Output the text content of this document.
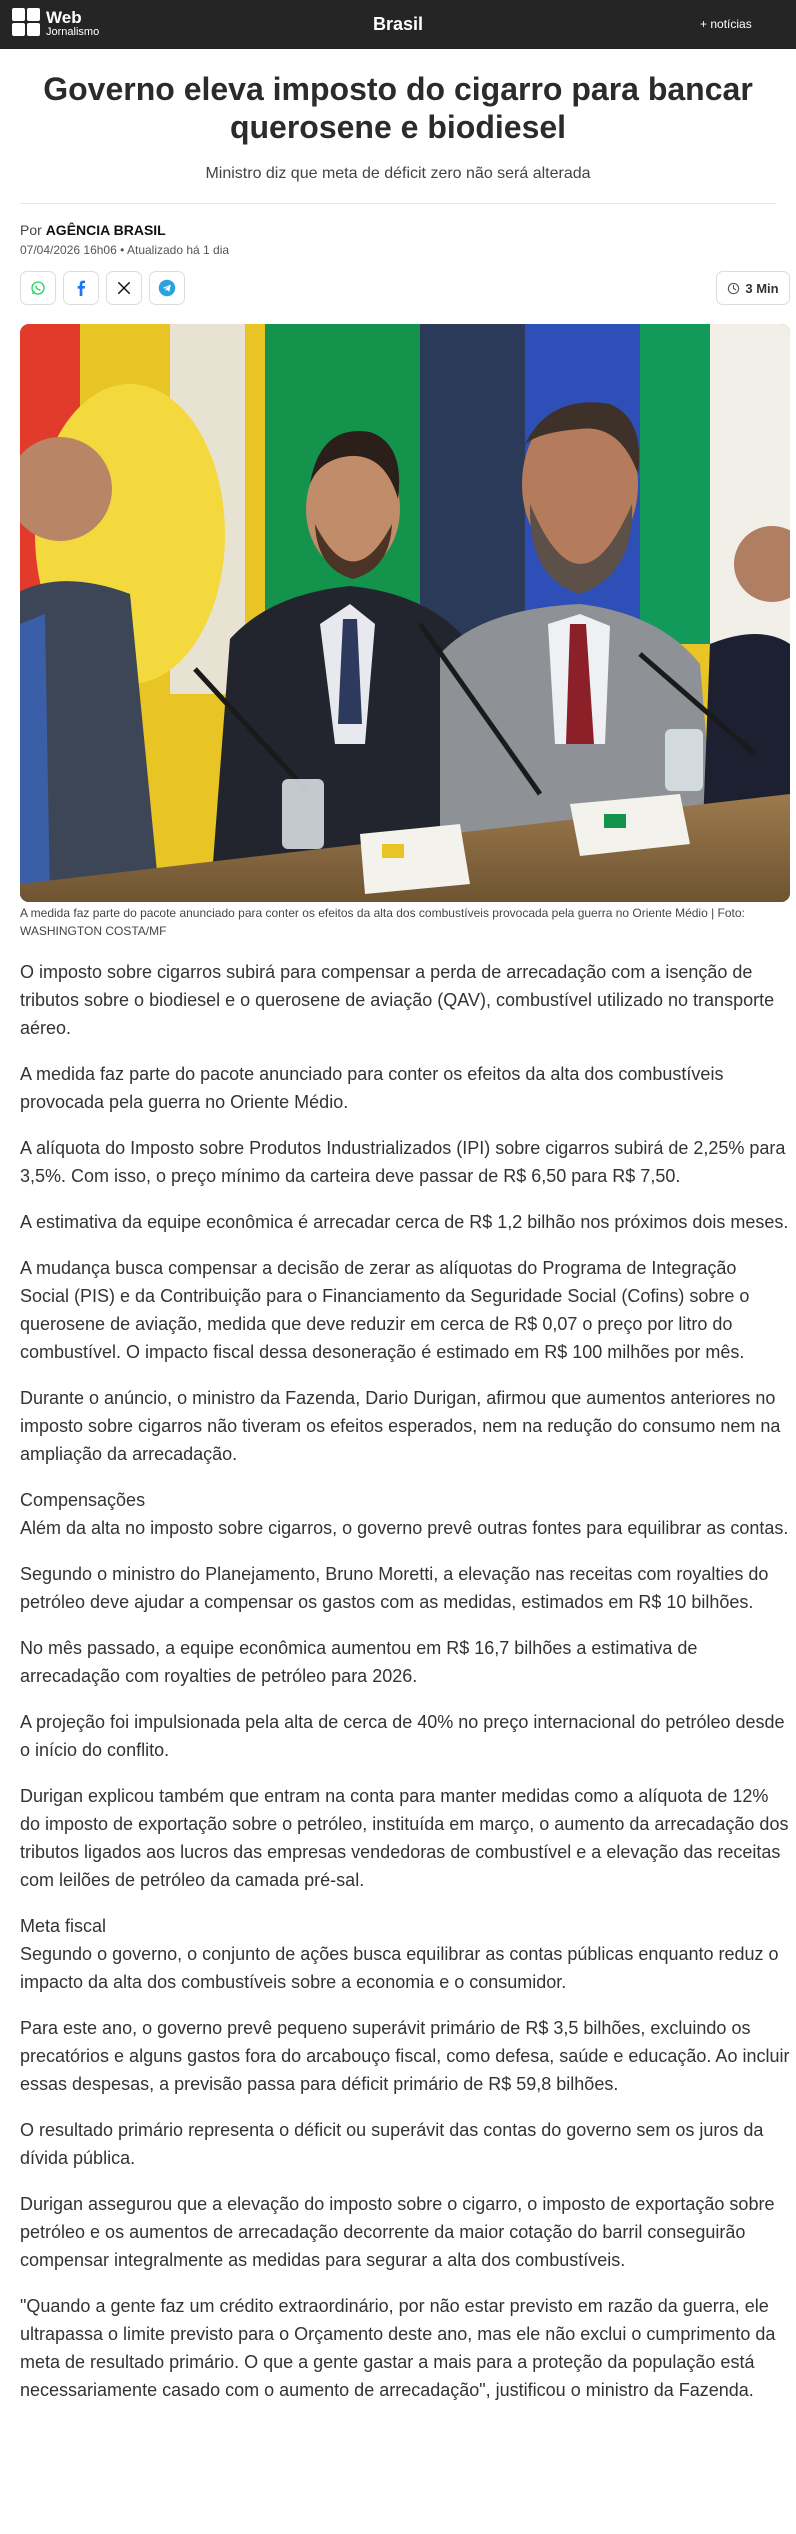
Web
Jornalismo	Brasil	+ notícias
Governo eleva imposto do cigarro para bancar querosene e biodiesel
Ministro diz que meta de déficit zero não será alterada
Por AGÊNCIA BRASIL
07/04/2026 16h06 • Atualizado há 1 dia
3 Min
A medida faz parte do pacote anunciado para conter os efeitos da alta dos combustíveis provocada pela guerra no Oriente Médio | Foto: WASHINGTON COSTA/MF

O imposto sobre cigarros subirá para compensar a perda de arrecadação com a isenção de tributos sobre o biodiesel e o querosene de aviação (QAV), combustível utilizado no transporte aéreo.

A medida faz parte do pacote anunciado para conter os efeitos da alta dos combustíveis provocada pela guerra no Oriente Médio.

A alíquota do Imposto sobre Produtos Industrializados (IPI) sobre cigarros subirá de 2,25% para 3,5%. Com isso, o preço mínimo da carteira deve passar de R$ 6,50 para R$ 7,50.

A estimativa da equipe econômica é arrecadar cerca de R$ 1,2 bilhão nos próximos dois meses.

A mudança busca compensar a decisão de zerar as alíquotas do Programa de Integração Social (PIS) e da Contribuição para o Financiamento da Seguridade Social (Cofins) sobre o querosene de aviação, medida que deve reduzir em cerca de R$ 0,07 o preço por litro do combustível. O impacto fiscal dessa desoneração é estimado em R$ 100 milhões por mês.

Durante o anúncio, o ministro da Fazenda, Dario Durigan, afirmou que aumentos anteriores no imposto sobre cigarros não tiveram os efeitos esperados, nem na redução do consumo nem na ampliação da arrecadação.

Compensações

Além da alta no imposto sobre cigarros, o governo prevê outras fontes para equilibrar as contas.

Segundo o ministro do Planejamento, Bruno Moretti, a elevação nas receitas com royalties do petróleo deve ajudar a compensar os gastos com as medidas, estimados em R$ 10 bilhões.

No mês passado, a equipe econômica aumentou em R$ 16,7 bilhões a estimativa de arrecadação com royalties de petróleo para 2026.

A projeção foi impulsionada pela alta de cerca de 40% no preço internacional do petróleo desde o início do conflito.

Durigan explicou também que entram na conta para manter medidas como a alíquota de 12% do imposto de exportação sobre o petróleo, instituída em março, o aumento da arrecadação dos tributos ligados aos lucros das empresas vendedoras de combustível e a elevação das receitas com leilões de petróleo da camada pré-sal.

Meta fiscal

Segundo o governo, o conjunto de ações busca equilibrar as contas públicas enquanto reduz o impacto da alta dos combustíveis sobre a economia e o consumidor.

Para este ano, o governo prevê pequeno superávit primário de R$ 3,5 bilhões, excluindo os precatórios e alguns gastos fora do arcabouço fiscal, como defesa, saúde e educação. Ao incluir essas despesas, a previsão passa para déficit primário de R$ 59,8 bilhões.

O resultado primário representa o déficit ou superávit das contas do governo sem os juros da dívida pública.

Durigan assegurou que a elevação do imposto sobre o cigarro, o imposto de exportação sobre petróleo e os aumentos de arrecadação decorrente da maior cotação do barril conseguirão compensar integralmente as medidas para segurar a alta dos combustíveis.

"Quando a gente faz um crédito extraordinário, por não estar previsto em razão da guerra, ele ultrapassa o limite previsto para o Orçamento deste ano, mas ele não exclui o cumprimento da meta de resultado primário. O que a gente gastar a mais para a proteção da população está necessariamente casado com o aumento de arrecadação", justificou o ministro da Fazenda.
